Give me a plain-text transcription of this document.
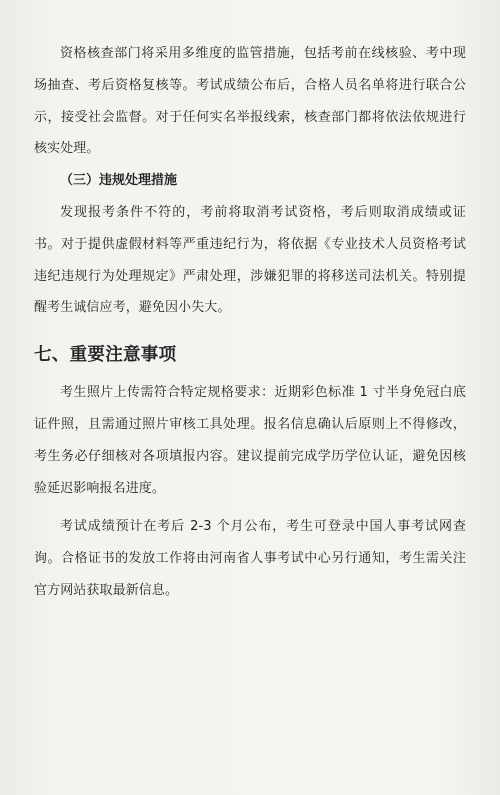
资格核查部门将采用多维度的监管措施，包括考前在线核验、考中现场抽查、考后资格复核等。考试成绩公布后，合格人员名单将进行联合公示，接受社会监督。对于任何实名举报线索，核查部门都将依法依规进行核实处理。

（三）违规处理措施

发现报考条件不符的，考前将取消考试资格，考后则取消成绩或证书。对于提供虚假材料等严重违纪行为，将依据《专业技术人员资格考试违纪违规行为处理规定》严肃处理，涉嫌犯罪的将移送司法机关。特别提醒考生诚信应考，避免因小失大。

七、重要注意事项

考生照片上传需符合特定规格要求：近期彩色标准 1 寸半身免冠白底证件照，且需通过照片审核工具处理。报名信息确认后原则上不得修改，考生务必仔细核对各项填报内容。建议提前完成学历学位认证，避免因核验延迟影响报名进度。

考试成绩预计在考后 2-3 个月公布，考生可登录中国人事考试网查询。合格证书的发放工作将由河南省人事考试中心另行通知，考生需关注官方网站获取最新信息。
